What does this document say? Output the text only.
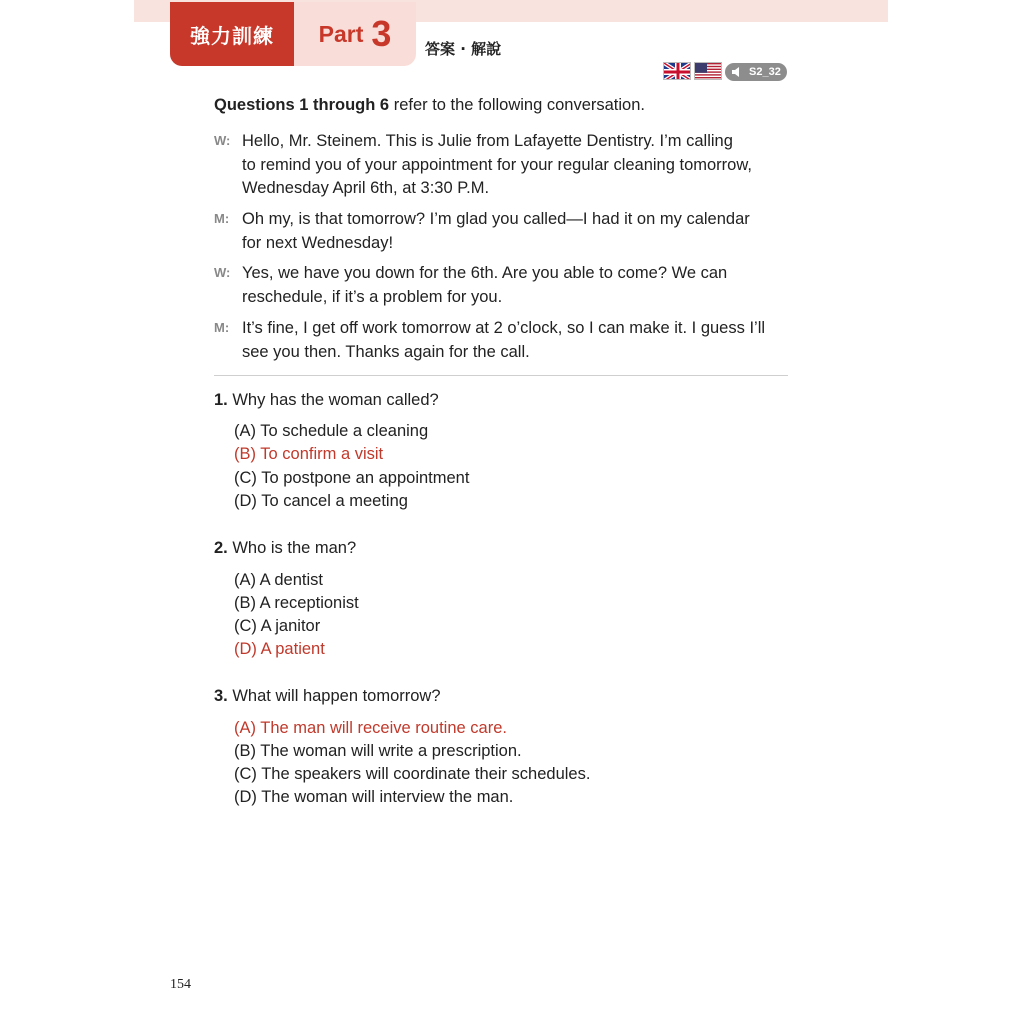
強力訓練	Part 3 答案 · 解說
S2_32
Questions 1 through 6 refer to the following conversation.
W: Hello, Mr. Steinem. This is Julie from Lafayette Dentistry. I’m calling
to remind you of your appointment for your regular cleaning tomorrow,
Wednesday April 6th, at 3:30 P.M.
M: Oh my, is that tomorrow? I’m glad you called—I had it on my calendar
for next Wednesday!
W: Yes, we have you down for the 6th. Are you able to come? We can
reschedule, if it’s a problem for you.
M: It’s fine, I get off work tomorrow at 2 o’clock, so I can make it. I guess I’ll
see you then. Thanks again for the call.
1. Why has the woman called?
(A) To schedule a cleaning
(B) To confirm a visit
(C) To postpone an appointment
(D) To cancel a meeting
2. Who is the man?
(A) A dentist
(B) A receptionist
(C) A janitor
(D) A patient
3. What will happen tomorrow?
(A) The man will receive routine care.
(B) The woman will write a prescription.
(C) The speakers will coordinate their schedules.
(D) The woman will interview the man.
154
